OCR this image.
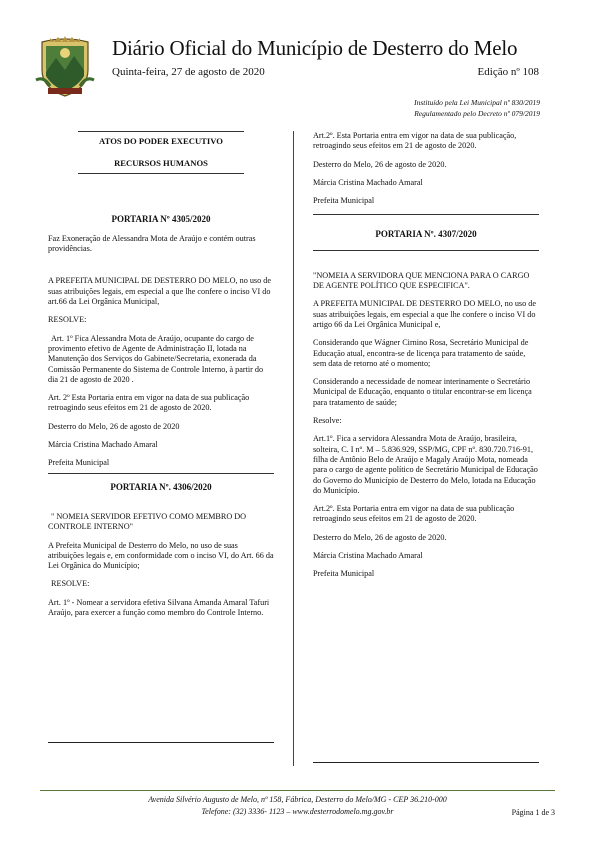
Diário Oficial do Município de Desterro do Melo
Quinta-feira, 27 de agosto de 2020	Edição nº 108
Instituído pela Lei Municipal nº 830/2019
Regulamentado pelo Decreto nº 079/2019
ATOS DO PODER EXECUTIVO
RECURSOS HUMANOS
PORTARIA Nº 4305/2020

Faz Exoneração de Alessandra Mota de Araújo e contém outras providências.

A PREFEITA MUNICIPAL DE DESTERRO DO MELO, no uso de suas atribuições legais, em especial a que lhe confere o inciso VI do art.66 da Lei Orgânica Municipal,

RESOLVE:

Art. 1º Fica Alessandra Mota de Araújo, ocupante do cargo de provimento efetivo de Agente de Administração II, lotada na Manutenção dos Serviços do Gabinete/Secretaria, exonerada da Comissão Permanente do Sistema de Controle Interno, à partir do dia 21 de agosto de 2020 .

Art. 2º Esta Portaria entra em vigor na data de sua publicação retroagindo seus efeitos em 21 de agosto de 2020.

Desterro do Melo, 26 de agosto de 2020

Márcia Cristina Machado Amaral

Prefeita Municipal

PORTARIA Nº. 4306/2020

" NOMEIA SERVIDOR EFETIVO COMO MEMBRO DO CONTROLE INTERNO"

A Prefeita Municipal de Desterro do Melo, no uso de suas atribuições legais e, em conformidade com o inciso VI, do Art. 66 da Lei Orgânica do Município;

RESOLVE:

Art. 1º - Nomear a servidora efetiva Silvana Amanda Amaral Tafuri Araújo, para exercer a função como membro do Controle Interno.

Art.2º. Esta Portaria entra em vigor na data de sua publicação, retroagindo seus efeitos em 21 de agosto de 2020.

Desterro do Melo, 26 de agosto de 2020.

Márcia Cristina Machado Amaral

Prefeita Municipal

PORTARIA Nº. 4307/2020

"NOMEIA A SERVIDORA QUE MENCIONA PARA O CARGO DE AGENTE POLÍTICO QUE ESPECIFICA".

A PREFEITA MUNICIPAL DE DESTERRO DO MELO, no uso de suas atribuições legais, em especial a que lhe confere o inciso VI do artigo 66 da Lei Orgânica Municipal e,

Considerando que Wágner Cirnino Rosa, Secretário Municipal de Educação atual, encontra-se de licença para tratamento de saúde, sem data de retorno até o momento;

Considerando a necessidade de nomear interinamente o Secretário Municipal de Educação, enquanto o titular encontrar-se em licença para tratamento de saúde;

Resolve:

Art.1º. Fica a servidora Alessandra Mota de Araújo, brasileira, solteira, C. I nº. M – 5.836.929, SSP/MG, CPF nº. 830.720.716-91, filha de Antônio Belo de Araújo e Magaly Araújo Mota, nomeada para o cargo de agente político de Secretário Municipal de Educação do Governo do Município de Desterro do Melo, lotada na Educação do Município.

Art.2º. Esta Portaria entra em vigor na data de sua publicação retroagindo seus efeitos em 21 de agosto de 2020.

Desterro do Melo, 26 de agosto de 2020.

Márcia Cristina Machado Amaral

Prefeita Municipal

Avenida Silvério Augusto de Melo, nº 158, Fábrica, Desterro do Melo/MG - CEP 36.210-000
Telefone: (32) 3336- 1123 – www.desterrodomelo.mg.gov.br	Página 1 de 3
